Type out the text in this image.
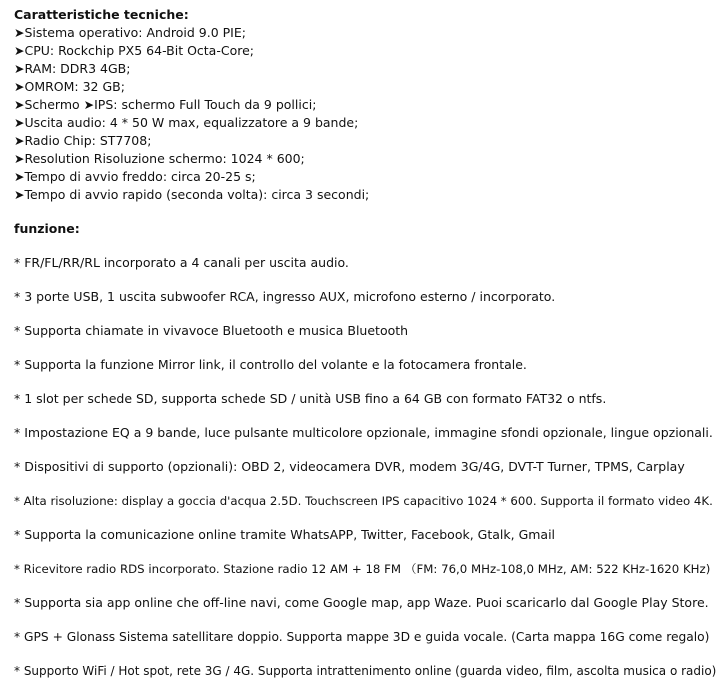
Caratteristiche tecniche:
➤Sistema operativo: Android 9.0 PIE;
➤CPU: Rockchip PX5 64-Bit Octa-Core;
➤RAM: DDR3 4GB;
➤OMROM: 32 GB;
➤Schermo ➤IPS: schermo Full Touch da 9 pollici;
➤Uscita audio: 4 * 50 W max, equalizzatore a 9 bande;
➤Radio Chip: ST7708;
➤Resolution Risoluzione schermo: 1024 * 600;
➤Tempo di avvio freddo: circa 20-25 s;
➤Tempo di avvio rapido (seconda volta): circa 3 secondi;
funzione:
* FR/FL/RR/RL incorporato a 4 canali per uscita audio.
* 3 porte USB, 1 uscita subwoofer RCA, ingresso AUX, microfono esterno / incorporato.
* Supporta chiamate in vivavoce Bluetooth e musica Bluetooth
* Supporta la funzione Mirror link, il controllo del volante e la fotocamera frontale.
* 1 slot per schede SD, supporta schede SD / unità USB fino a 64 GB con formato FAT32 o ntfs.
* Impostazione EQ a 9 bande, luce pulsante multicolore opzionale, immagine sfondi opzionale, lingue opzionali.
* Dispositivi di supporto (opzionali): OBD 2, videocamera DVR, modem 3G/4G, DVT-T Turner, TPMS, Carplay
* Alta risoluzione: display a goccia d'acqua 2.5D. Touchscreen IPS capacitivo 1024 * 600. Supporta il formato video 4K.
* Supporta la comunicazione online tramite WhatsAPP, Twitter, Facebook, Gtalk, Gmail
* Ricevitore radio RDS incorporato. Stazione radio 12 AM + 18 FM （FM: 76,0 MHz-108,0 MHz, AM: 522 KHz-1620 KHz)
* Supporta sia app online che off-line navi, come Google map, app Waze. Puoi scaricarlo dal Google Play Store.
* GPS + Glonass Sistema satellitare doppio. Supporta mappe 3D e guida vocale. (Carta mappa 16G come regalo)
* Supporto WiFi / Hot spot, rete 3G / 4G. Supporta intrattenimento online (guarda video, film, ascolta musica o radio)
